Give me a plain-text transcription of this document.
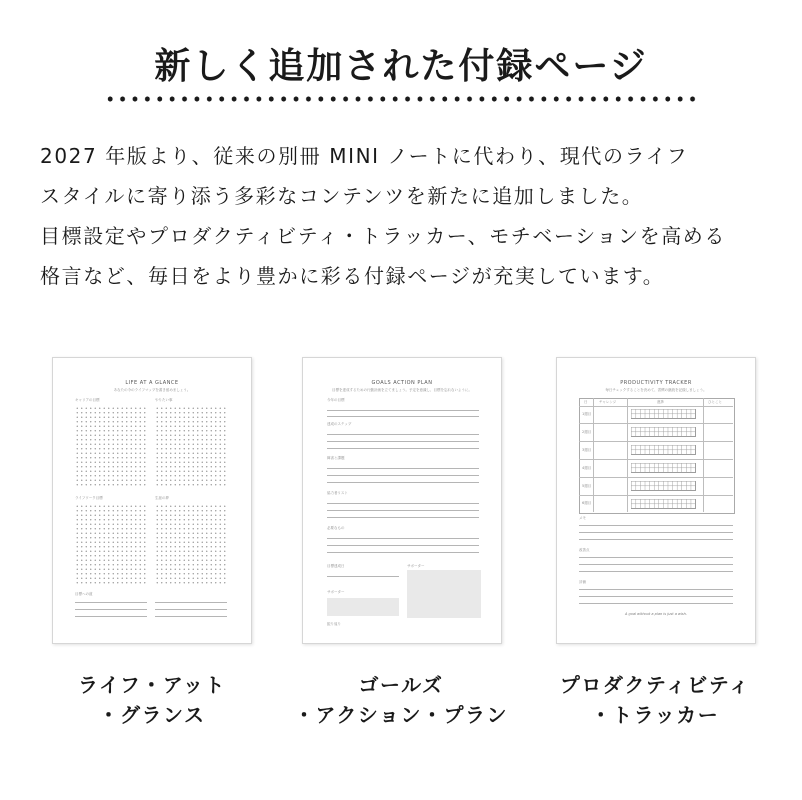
新しく追加された付録ページ
2027 年版より、従来の別冊 MINI ノートに代わり、現代のライフ
スタイルに寄り添う多彩なコンテンツを新たに追加しました。
目標設定やプロダクティビティ・トラッカー、モチベーションを高める
格言など、毎日をより豊かに彩る付録ページが充実しています。
LIFE AT A GLANCE
あなたの今のライフマップを書き留めましょう。
キャリアの目標	やりたい事
ライフワーク目標	生涯の夢
目標への道
GOALS ACTION PLAN
目標を達成するための行動計画を立てましょう。予定を意識し、目標を忘れないように。
今年の目標
達成のステップ
障害と課題
協力者リスト
必要なもの
目標達成日	サポーター
サポーター
振り返り
PRODUCTIVITY TRACKER
毎日チェックすることを決めて、習慣の継続を記録しましょう。
日	チャレンジ	進捗	ひとこと
1週目
2週目
3週目
4週目
5週目
6週目
メモ
改善点
評価
A goal without a plan is just a wish.
ライフ・アット
・グランス
ゴールズ
・アクション・プラン
プロダクティビティ
・トラッカー
